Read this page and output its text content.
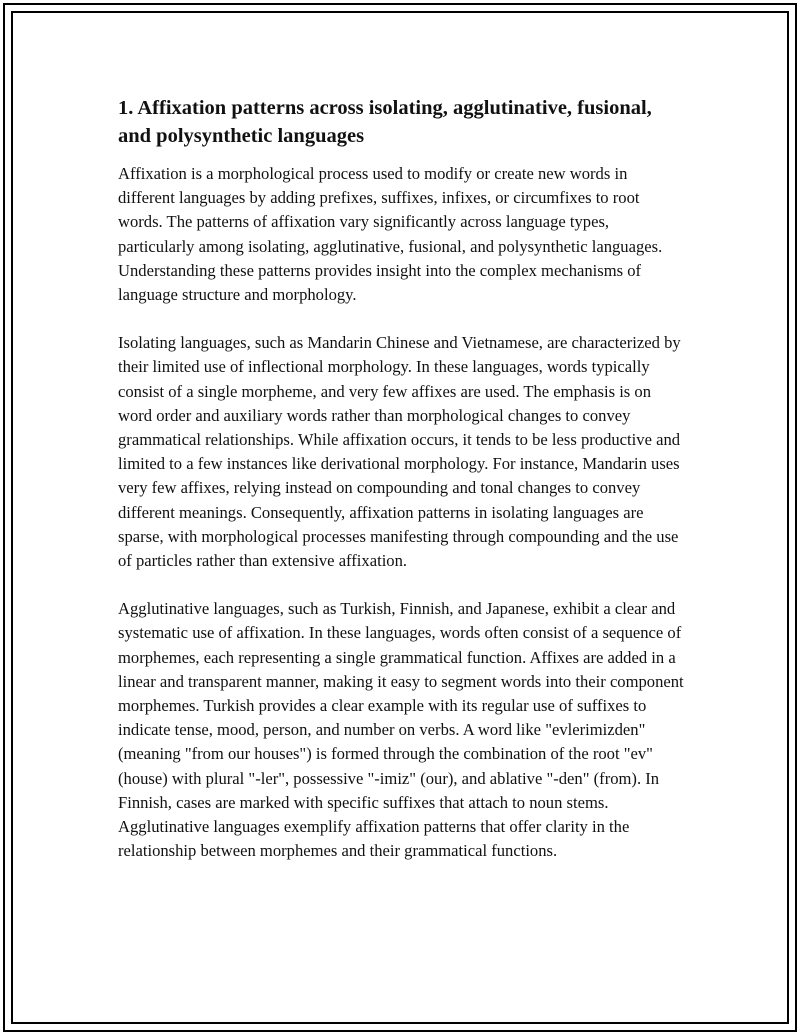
1. Affixation patterns across isolating, agglutinative, fusional, and polysynthetic languages

Affixation is a morphological process used to modify or create new words in different languages by adding prefixes, suffixes, infixes, or circumfixes to root words. The patterns of affixation vary significantly across language types, particularly among isolating, agglutinative, fusional, and polysynthetic languages. Understanding these patterns provides insight into the complex mechanisms of language structure and morphology.

Isolating languages, such as Mandarin Chinese and Vietnamese, are characterized by their limited use of inflectional morphology. In these languages, words typically consist of a single morpheme, and very few affixes are used. The emphasis is on word order and auxiliary words rather than morphological changes to convey grammatical relationships. While affixation occurs, it tends to be less productive and limited to a few instances like derivational morphology. For instance, Mandarin uses very few affixes, relying instead on compounding and tonal changes to convey different meanings. Consequently, affixation patterns in isolating languages are sparse, with morphological processes manifesting through compounding and the use of particles rather than extensive affixation.

Agglutinative languages, such as Turkish, Finnish, and Japanese, exhibit a clear and systematic use of affixation. In these languages, words often consist of a sequence of morphemes, each representing a single grammatical function. Affixes are added in a linear and transparent manner, making it easy to segment words into their component morphemes. Turkish provides a clear example with its regular use of suffixes to indicate tense, mood, person, and number on verbs. A word like "evlerimizden" (meaning "from our houses") is formed through the combination of the root "ev" (house) with plural "-ler", possessive "-imiz" (our), and ablative "-den" (from). In Finnish, cases are marked with specific suffixes that attach to noun stems. Agglutinative languages exemplify affixation patterns that offer clarity in the relationship between morphemes and their grammatical functions.
